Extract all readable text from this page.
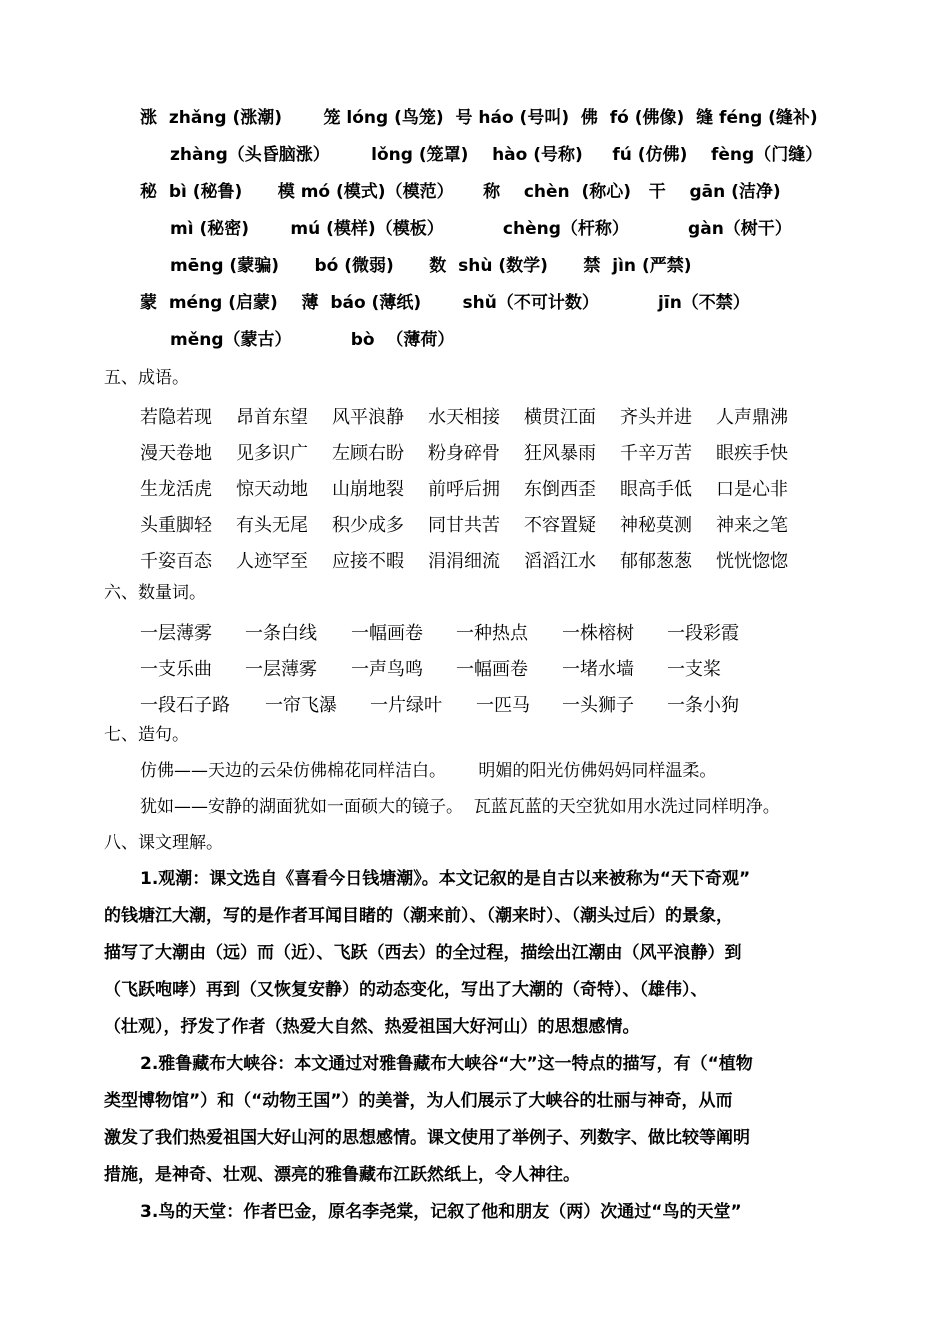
涨  zhǎng (涨潮)       笼 lóng (鸟笼)  号 háo (号叫)  佛  fó (佛像)  缝 féng (缝补)
zhàng（头昏脑涨）       lǒng (笼罩)    hào (号称)     fú (仿佛)    fèng（门缝）
秘  bì (秘鲁)      模 mó (模式)（模范）     称    chèn  (称心)   干    gān (洁净)
mì (秘密)       mú (模样)（模板）          chèng（杆称）          gàn（树干）
mēng (蒙骗)      bó (微弱)      数  shù (数学)      禁  jìn (严禁)
蒙  méng (启蒙)    薄  báo (薄纸)       shǔ（不可计数）          jīn（不禁）
měng（蒙古）          bò  （薄荷）
五、成语。
若隐若现 昂首东望 风平浪静 水天相接 横贯江面 齐头并进 人声鼎沸
漫天卷地 见多识广 左顾右盼 粉身碎骨 狂风暴雨 千辛万苦 眼疾手快
生龙活虎 惊天动地 山崩地裂 前呼后拥 东倒西歪 眼高手低 口是心非
头重脚轻 有头无尾 积少成多 同甘共苦 不容置疑 神秘莫测 神来之笔
千姿百态 人迹罕至 应接不暇 涓涓细流 滔滔江水 郁郁葱葱 恍恍惚惚
六、数量词。
一层薄雾 一条白线 一幅画卷 一种热点 一株榕树 一段彩霞
一支乐曲 一层薄雾 一声鸟鸣 一幅画卷 一堵水墙 一支桨
一段石子路 一帘飞瀑 一片绿叶 一匹马 一头狮子 一条小狗
七、造句。
仿佛——天边的云朵仿佛棉花同样洁白。      明媚的阳光仿佛妈妈同样温柔。
犹如——安静的湖面犹如一面硕大的镜子。  瓦蓝瓦蓝的天空犹如用水洗过同样明净。
八、课文理解。
1.观潮：课文选自《喜看今日钱塘潮》。本文记叙的是自古以来被称为“天下奇观”
的钱塘江大潮，写的是作者耳闻目睹的（潮来前）、（潮来时）、（潮头过后）的景象，
描写了大潮由（远）而（近）、飞跃（西去）的全过程，描绘出江潮由（风平浪静）到
（飞跃咆哮）再到（又恢复安静）的动态变化，写出了大潮的（奇特）、（雄伟）、
（壮观），抒发了作者（热爱大自然、热爱祖国大好河山）的思想感情。
2.雅鲁藏布大峡谷：本文通过对雅鲁藏布大峡谷“大”这一特点的描写，有（“植物
类型博物馆”）和（“动物王国”）的美誉，为人们展示了大峡谷的壮丽与神奇，从而
激发了我们热爱祖国大好山河的思想感情。课文使用了举例子、列数字、做比较等阐明
措施，是神奇、壮观、漂亮的雅鲁藏布江跃然纸上，令人神往。
3.鸟的天堂：作者巴金，原名李尧棠，记叙了他和朋友（两）次通过“鸟的天堂”
